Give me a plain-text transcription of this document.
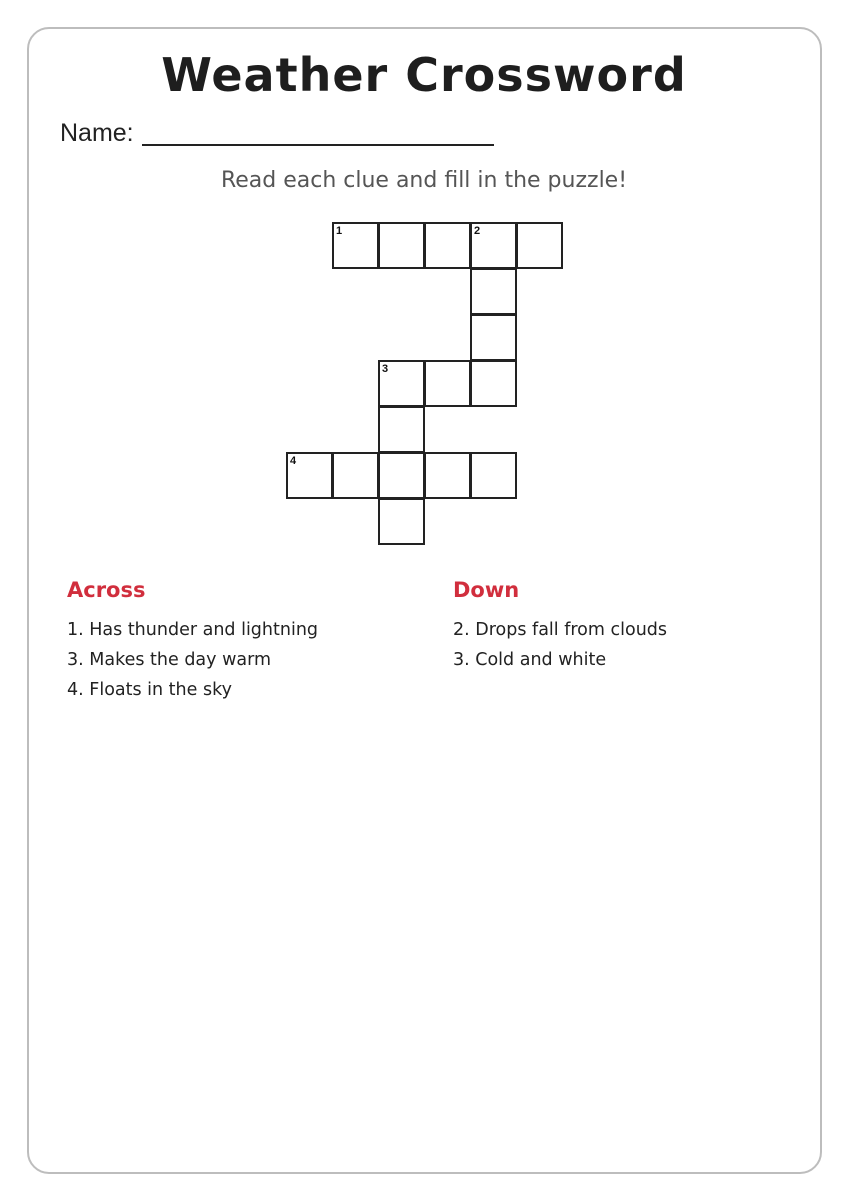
Weather Crossword
Name:
Read each clue and fill in the puzzle!
1	2
3
4
Across
1. Has thunder and lightning
3. Makes the day warm
4. Floats in the sky
Down
2. Drops fall from clouds
3. Cold and white
